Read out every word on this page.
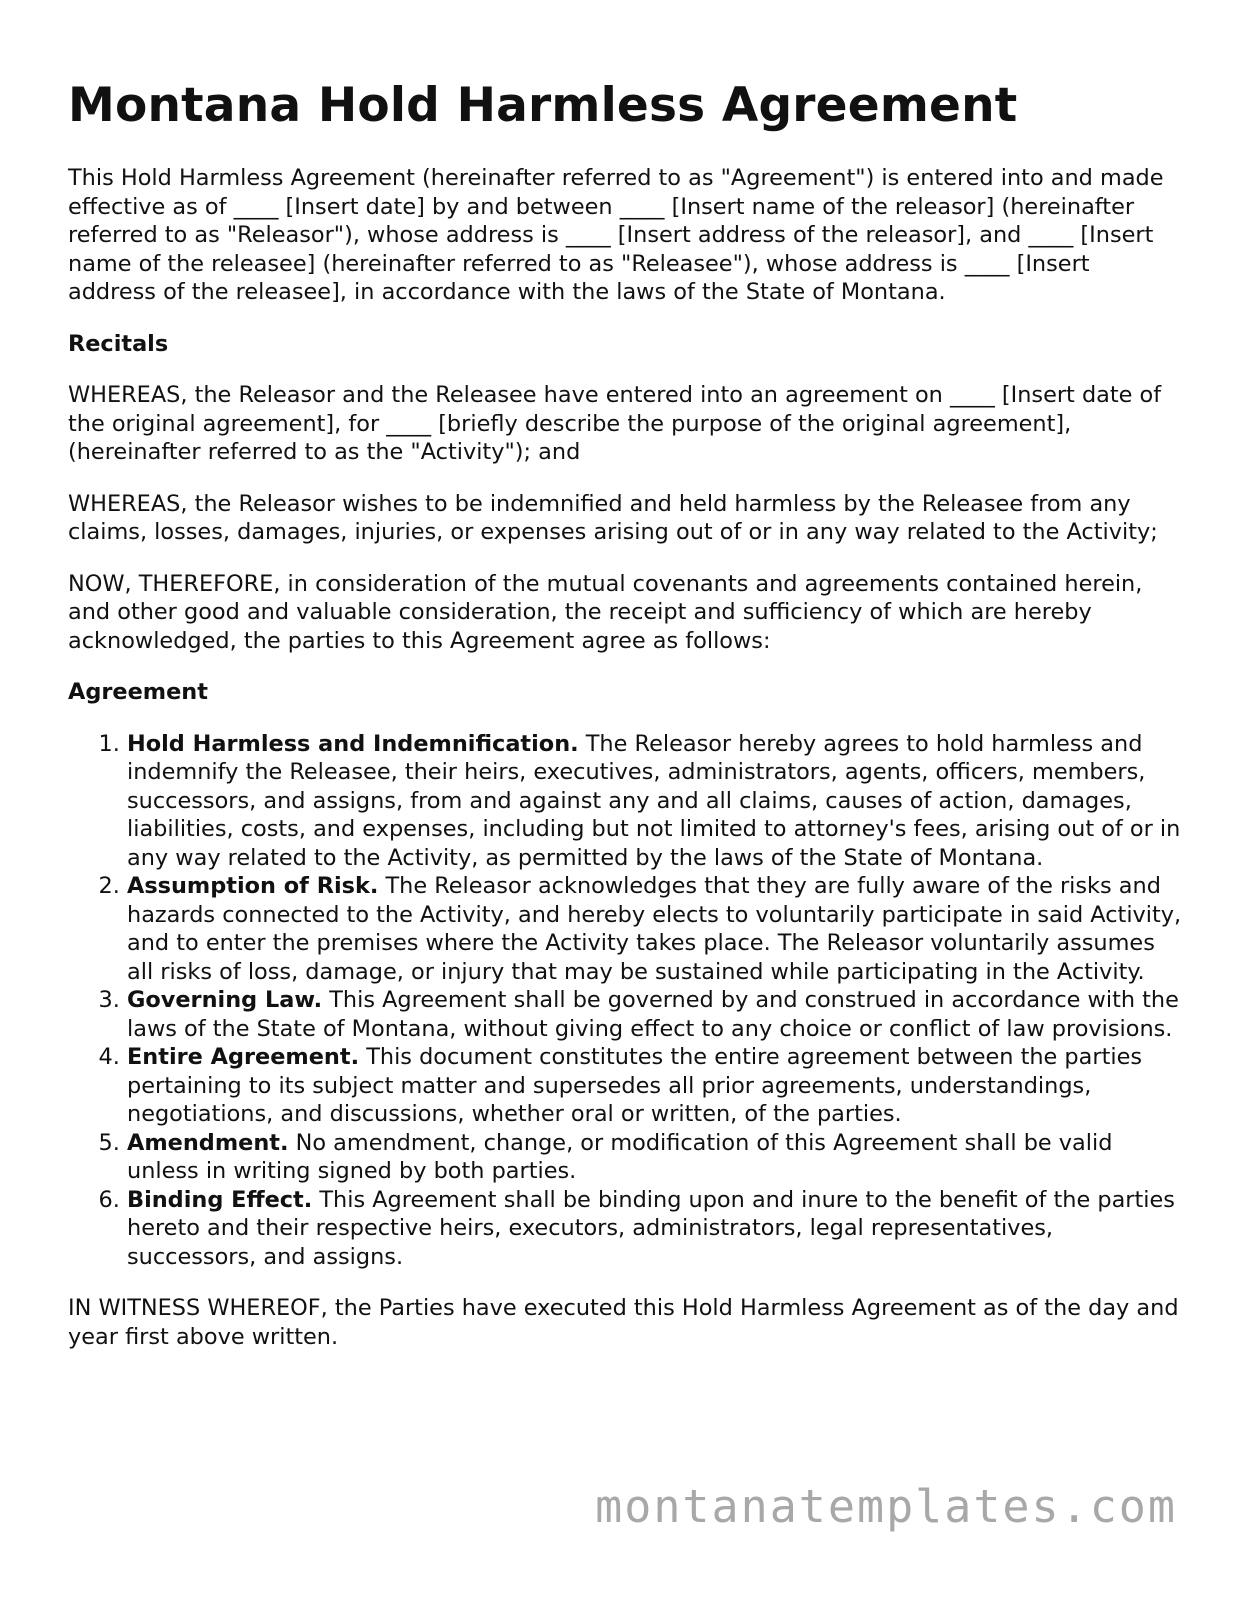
Montana Hold Harmless Agreement

This Hold Harmless Agreement (hereinafter referred to as "Agreement") is entered into and made effective as of ____ [Insert date] by and between ____ [Insert name of the releasor] (hereinafter referred to as "Releasor"), whose address is ____ [Insert address of the releasor], and ____ [Insert name of the releasee] (hereinafter referred to as "Releasee"), whose address is ____ [Insert address of the releasee], in accordance with the laws of the State of Montana.

Recitals

WHEREAS, the Releasor and the Releasee have entered into an agreement on ____ [Insert date of the original agreement], for ____ [briefly describe the purpose of the original agreement], (hereinafter referred to as the "Activity"); and

WHEREAS, the Releasor wishes to be indemnified and held harmless by the Releasee from any claims, losses, damages, injuries, or expenses arising out of or in any way related to the Activity;

NOW, THEREFORE, in consideration of the mutual covenants and agreements contained herein, and other good and valuable consideration, the receipt and sufficiency of which are hereby acknowledged, the parties to this Agreement agree as follows:

Agreement

1. Hold Harmless and Indemnification. The Releasor hereby agrees to hold harmless and indemnify the Releasee, their heirs, executives, administrators, agents, officers, members, successors, and assigns, from and against any and all claims, causes of action, damages, liabilities, costs, and expenses, including but not limited to attorney's fees, arising out of or in any way related to the Activity, as permitted by the laws of the State of Montana.
2. Assumption of Risk. The Releasor acknowledges that they are fully aware of the risks and hazards connected to the Activity, and hereby elects to voluntarily participate in said Activity, and to enter the premises where the Activity takes place. The Releasor voluntarily assumes all risks of loss, damage, or injury that may be sustained while participating in the Activity.
3. Governing Law. This Agreement shall be governed by and construed in accordance with the laws of the State of Montana, without giving effect to any choice or conflict of law provisions.
4. Entire Agreement. This document constitutes the entire agreement between the parties pertaining to its subject matter and supersedes all prior agreements, understandings, negotiations, and discussions, whether oral or written, of the parties.
5. Amendment. No amendment, change, or modification of this Agreement shall be valid unless in writing signed by both parties.
6. Binding Effect. This Agreement shall be binding upon and inure to the benefit of the parties hereto and their respective heirs, executors, administrators, legal representatives, successors, and assigns.

IN WITNESS WHEREOF, the Parties have executed this Hold Harmless Agreement as of the day and year first above written.

montanatemplates.com
